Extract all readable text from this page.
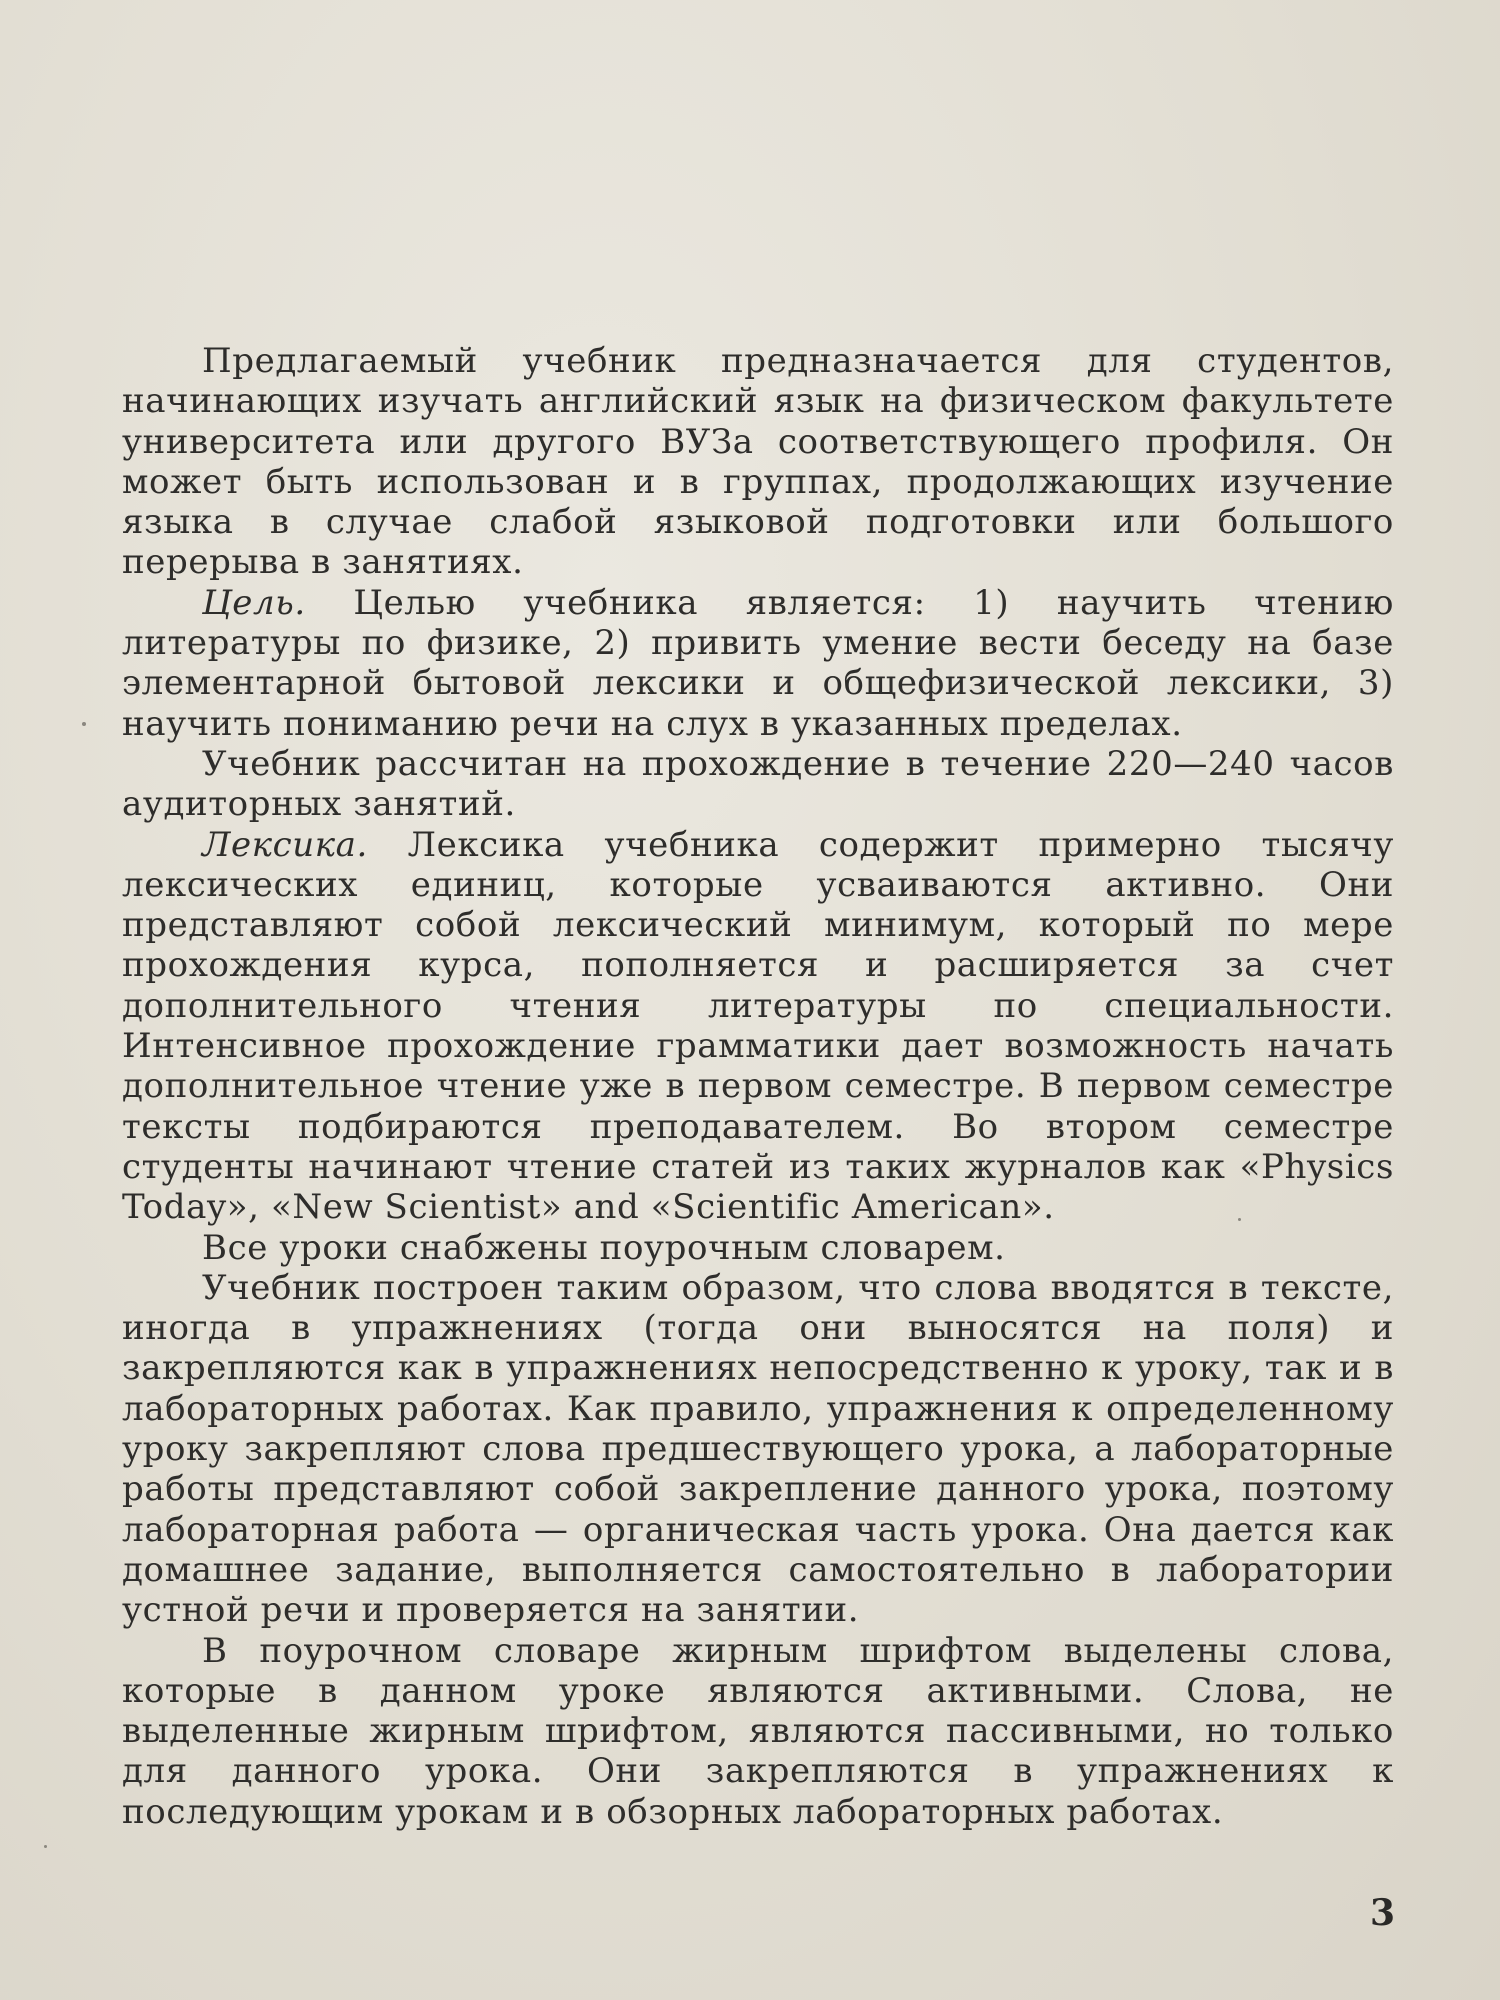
Предлагаемый учебник предназначается для студентов, начинающих изучать английский язык на физическом факультете университета или другого ВУЗа соответствующего профиля. Он может быть использован и в группах, продолжающих изучение языка в случае слабой языковой подготовки или большого перерыва в занятиях.

Цель. Целью учебника является: 1) научить чтению литературы по физике, 2) привить умение вести беседу на базе элементарной бытовой лексики и общефизической лексики, 3) научить пониманию речи на слух в указанных пределах.

Учебник рассчитан на прохождение в течение 220—240 часов аудиторных занятий.

Лексика. Лексика учебника содержит примерно тысячу лексических единиц, которые усваиваются активно. Они представляют собой лексический минимум, который по мере прохождения курса, пополняется и расширяется за счет дополнительного чтения литературы по специальности. Интенсивное прохождение грамматики дает возможность начать дополнительное чтение уже в первом семестре. В первом семестре тексты подбираются преподавателем. Во втором семестре студенты начинают чтение статей из таких журналов как «Physics Today», «New Scientist» and «Scientific American».

Все уроки снабжены поурочным словарем.

Учебник построен таким образом, что слова вводятся в тексте, иногда в упражнениях (тогда они выносятся на поля) и закрепляются как в упражнениях непосредственно к уроку, так и в лабораторных работах. Как правило, упражнения к определенному уроку закрепляют слова предшествующего урока, а лабораторные работы представляют собой закрепление данного урока, поэтому лабораторная работа — органическая часть урока. Она дается как домашнее задание, выполняется самостоятельно в лаборатории устной речи и проверяется на занятии.

В поурочном словаре жирным шрифтом выделены слова, которые в данном уроке являются активными. Слова, не выделенные жирным шрифтом, являются пассивными, но только для данного урока. Они закрепляются в упражнениях к последующим урокам и в обзорных лабораторных работах.

3
